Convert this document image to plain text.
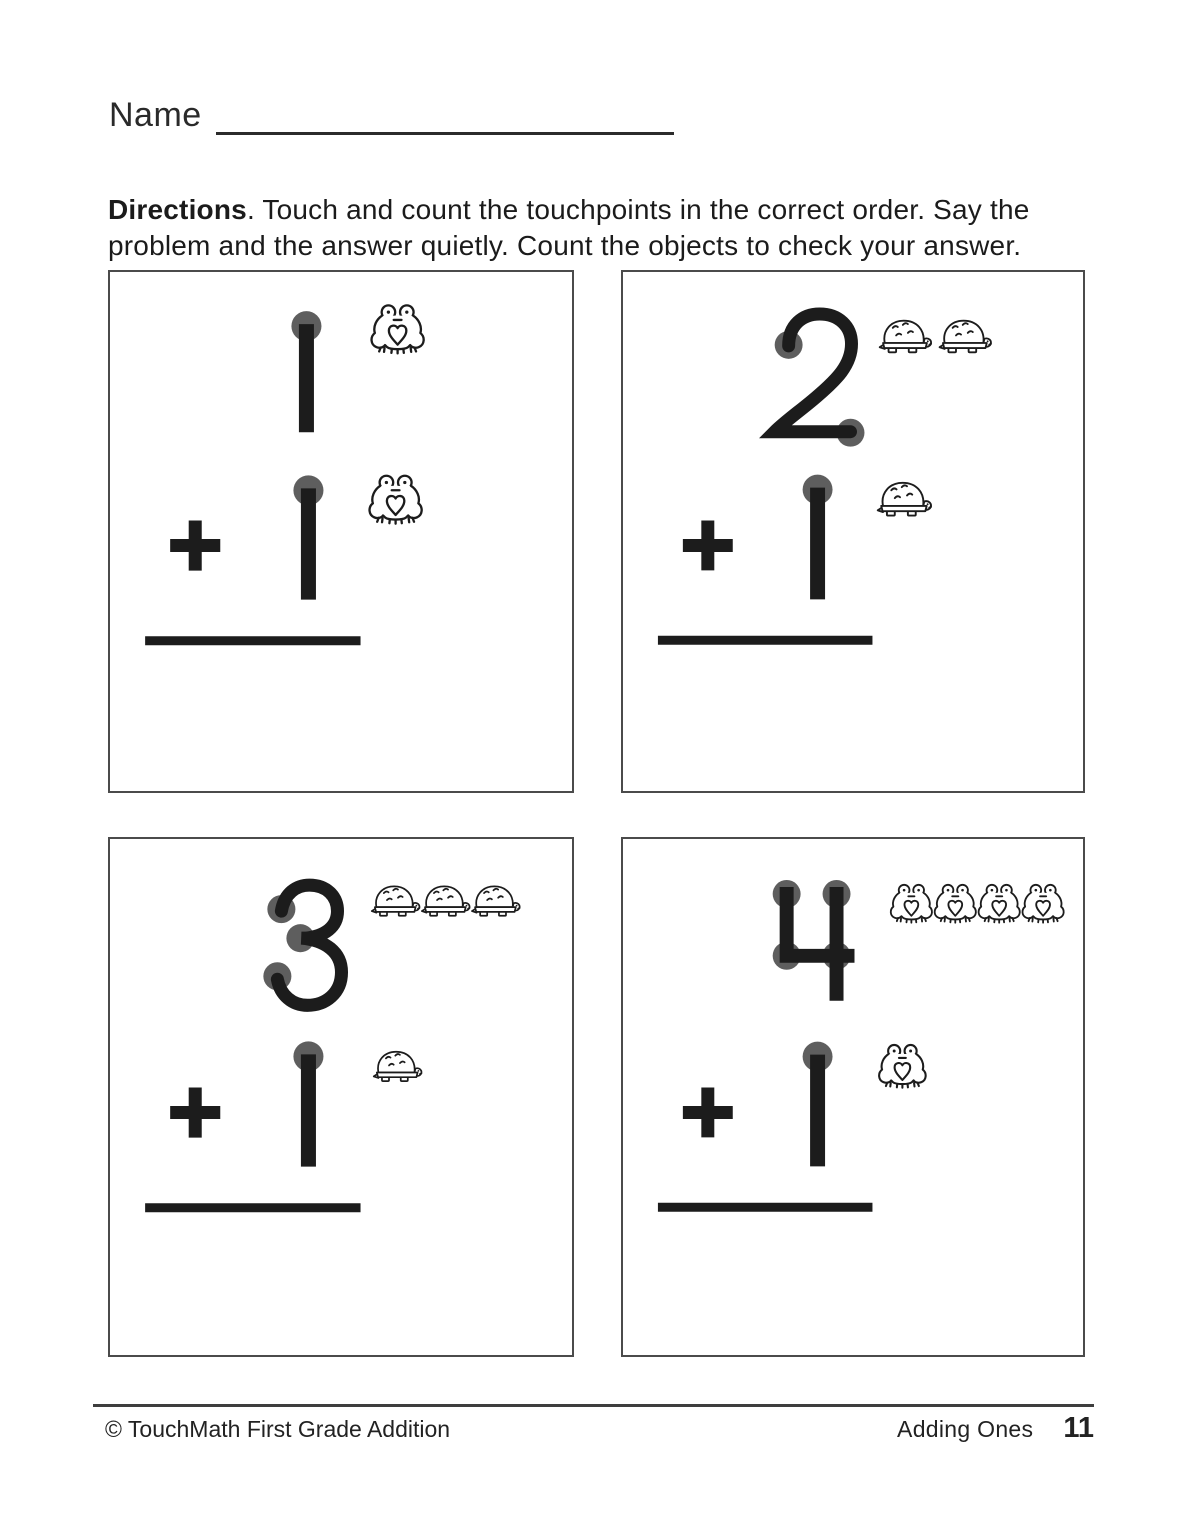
Name

Directions. Touch and count the touchpoints in the correct order. Say the
problem and the answer quietly. Count the objects to check your answer.

© TouchMath First Grade Addition	Adding Ones 11
